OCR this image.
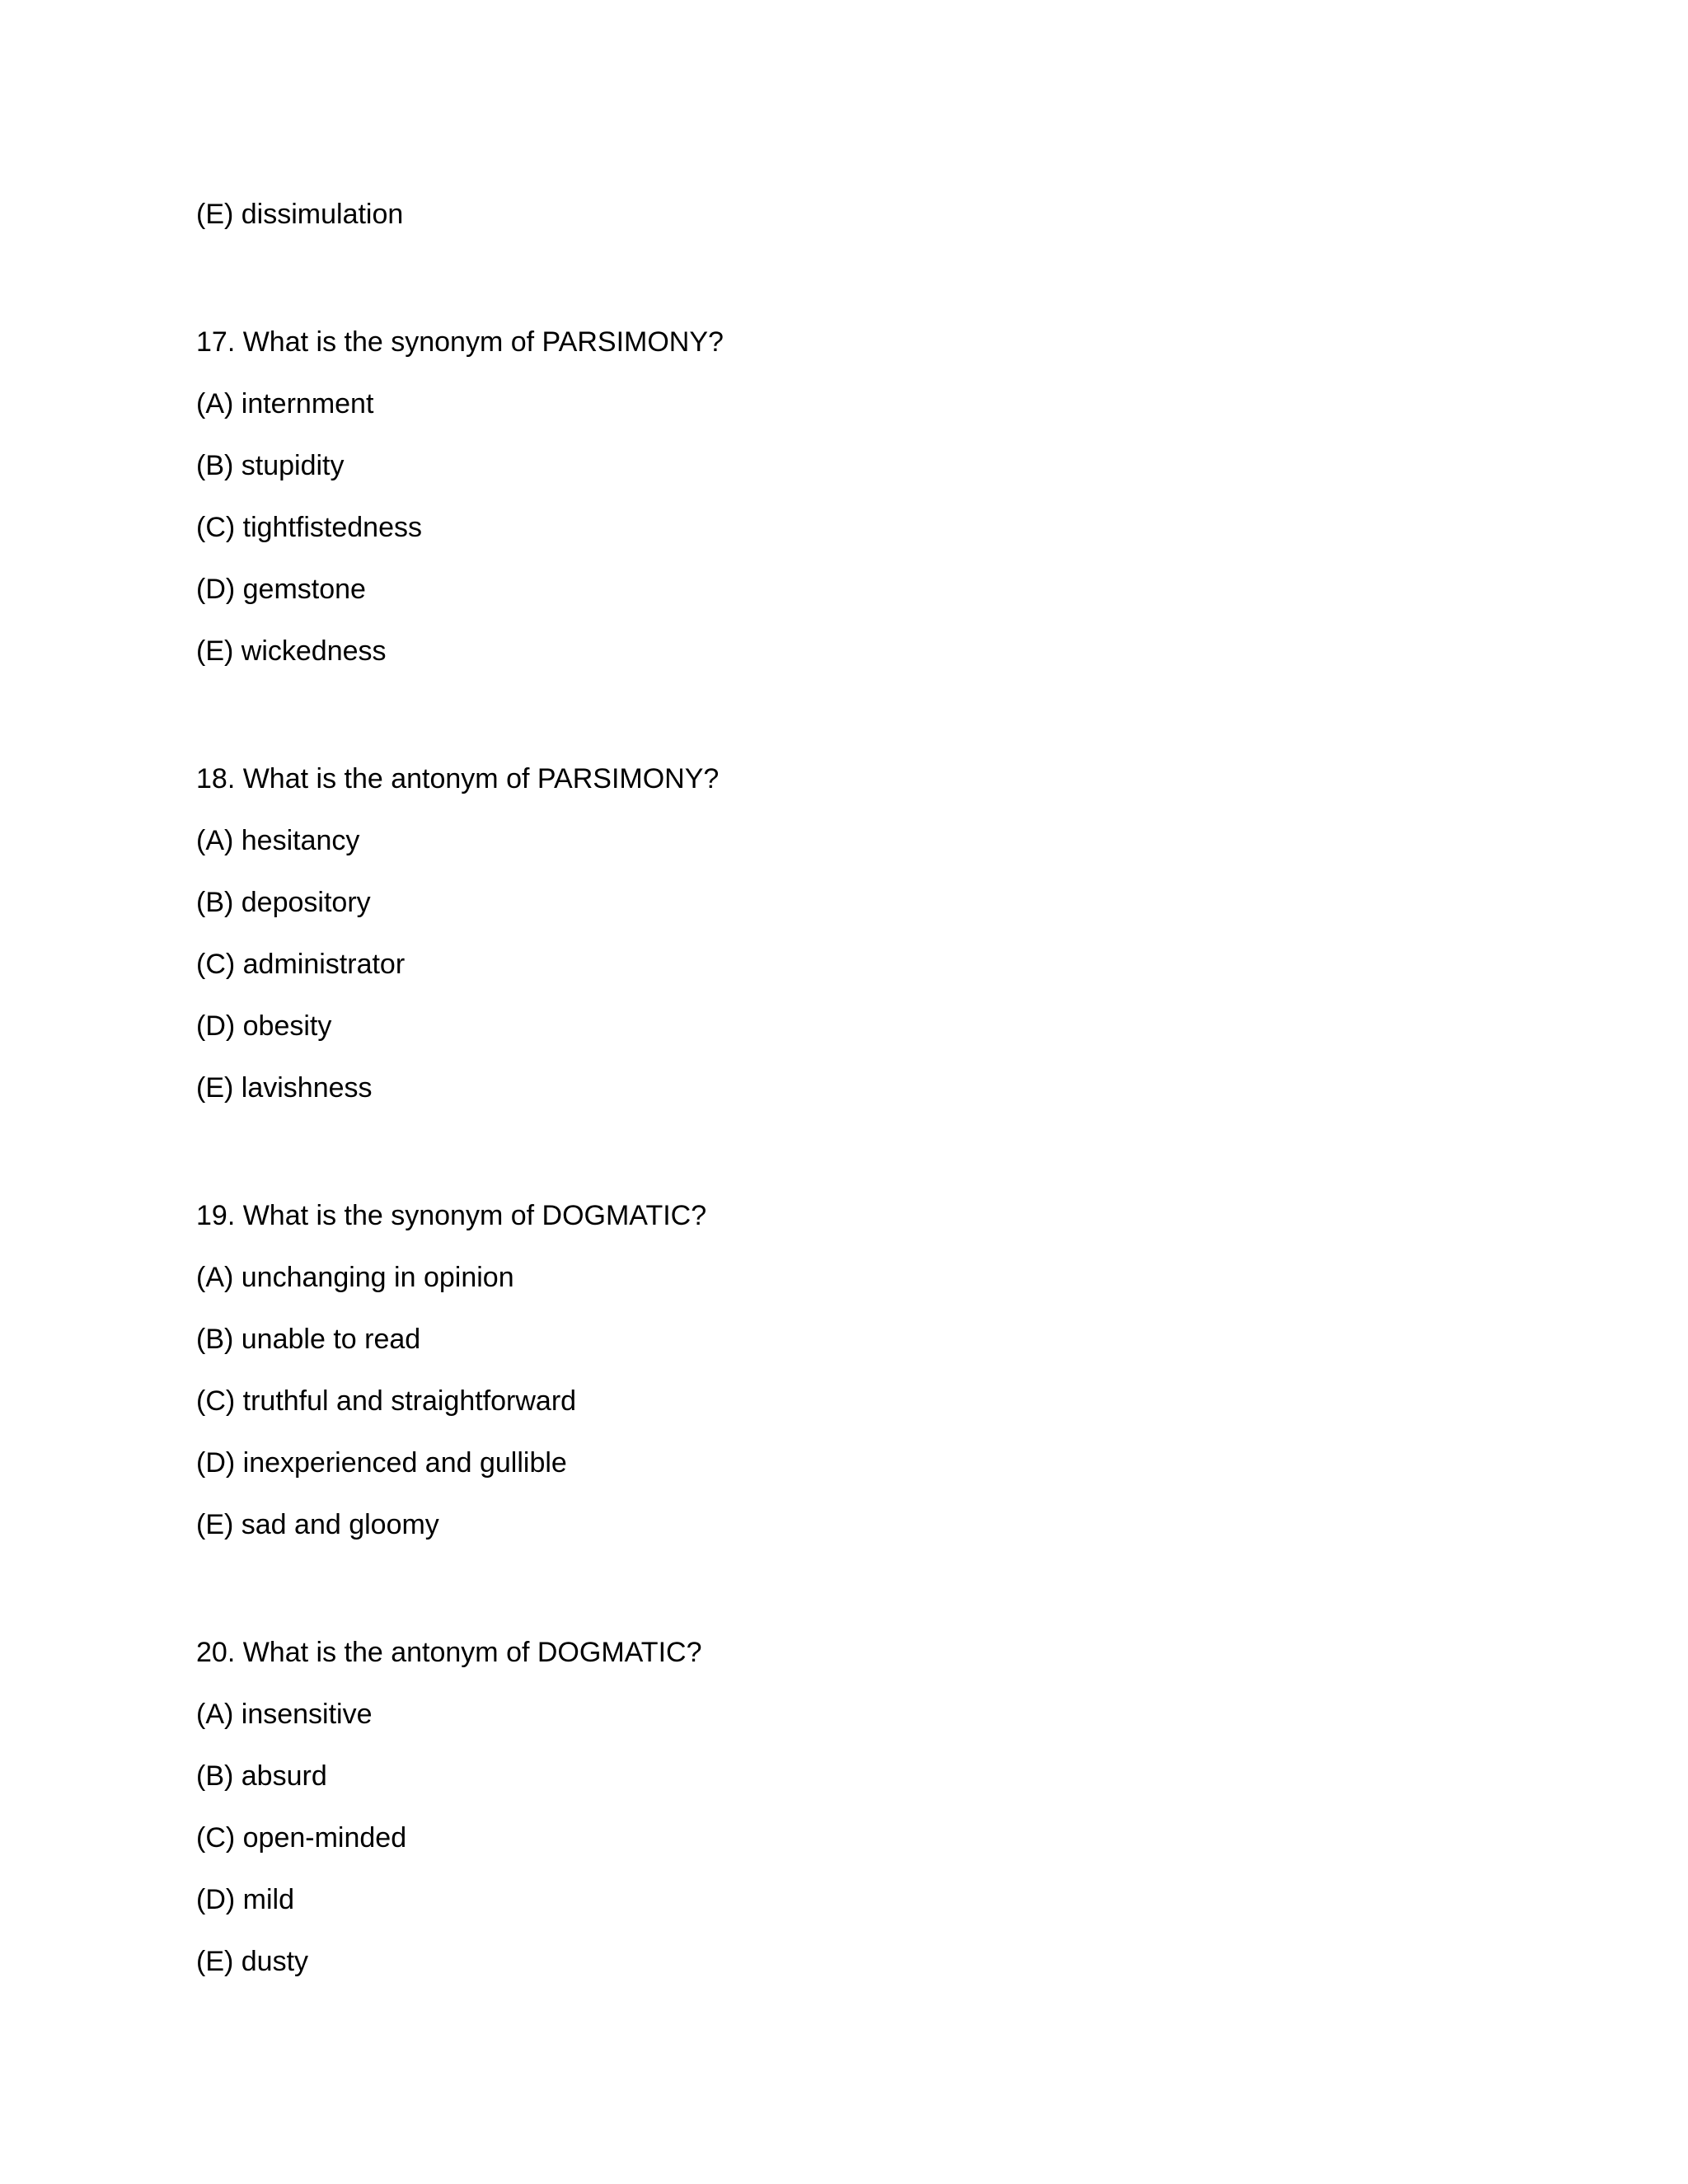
(E) dissimulation
17. What is the synonym of PARSIMONY?
(A) internment
(B) stupidity
(C) tightfistedness
(D) gemstone
(E) wickedness
18. What is the antonym of PARSIMONY?
(A) hesitancy
(B) depository
(C) administrator
(D) obesity
(E) lavishness
19. What is the synonym of DOGMATIC?
(A) unchanging in opinion
(B) unable to read
(C) truthful and straightforward
(D) inexperienced and gullible
(E) sad and gloomy
20. What is the antonym of DOGMATIC?
(A) insensitive
(B) absurd
(C) open-minded
(D) mild
(E) dusty
